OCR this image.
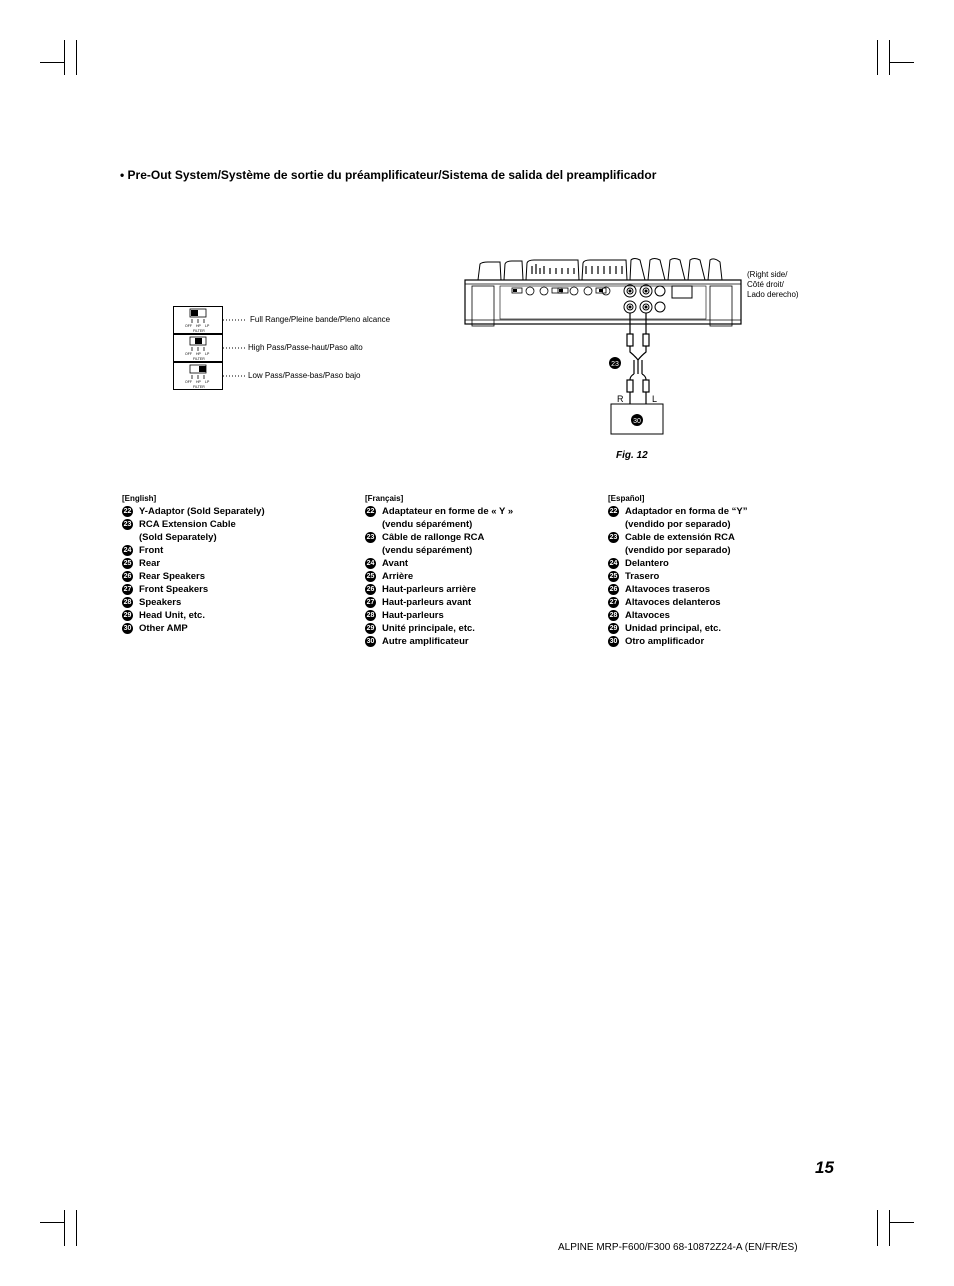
• Pre-Out System/Système de sortie du préamplificateur/Sistema de salida del preamplificador
OFF HP LP
FILTER
OFF HP LP
FILTER
OFF HP LP
FILTER
Full Range/Pleine bande/Pleno alcance
High Pass/Passe-haut/Paso alto
Low Pass/Passe-bas/Paso bajo
23
30
R	L
(Right side/
Côté droit/
Lado derecho)
Fig. 12
[English]
22 Y-Adaptor (Sold Separately)
23 RCA Extension Cable
(Sold Separately)
24 Front
25 Rear
26 Rear Speakers
27 Front Speakers
28 Speakers
29 Head Unit, etc.
30 Other AMP
[Français]
22 Adaptateur en forme de « Y »
(vendu séparément)
23 Câble de rallonge RCA
(vendu séparément)
24 Avant
25 Arrière
26 Haut-parleurs arrière
27 Haut-parleurs avant
28 Haut-parleurs
29 Unité principale, etc.
30 Autre amplificateur
[Español]
22 Adaptador en forma de “Y”
(vendido por separado)
23 Cable de extensión RCA
(vendido por separado)
24 Delantero
25 Trasero
26 Altavoces traseros
27 Altavoces delanteros
28 Altavoces
29 Unidad principal, etc.
30 Otro amplificador
15
ALPINE MRP-F600/F300 68-10872Z24-A (EN/FR/ES)
